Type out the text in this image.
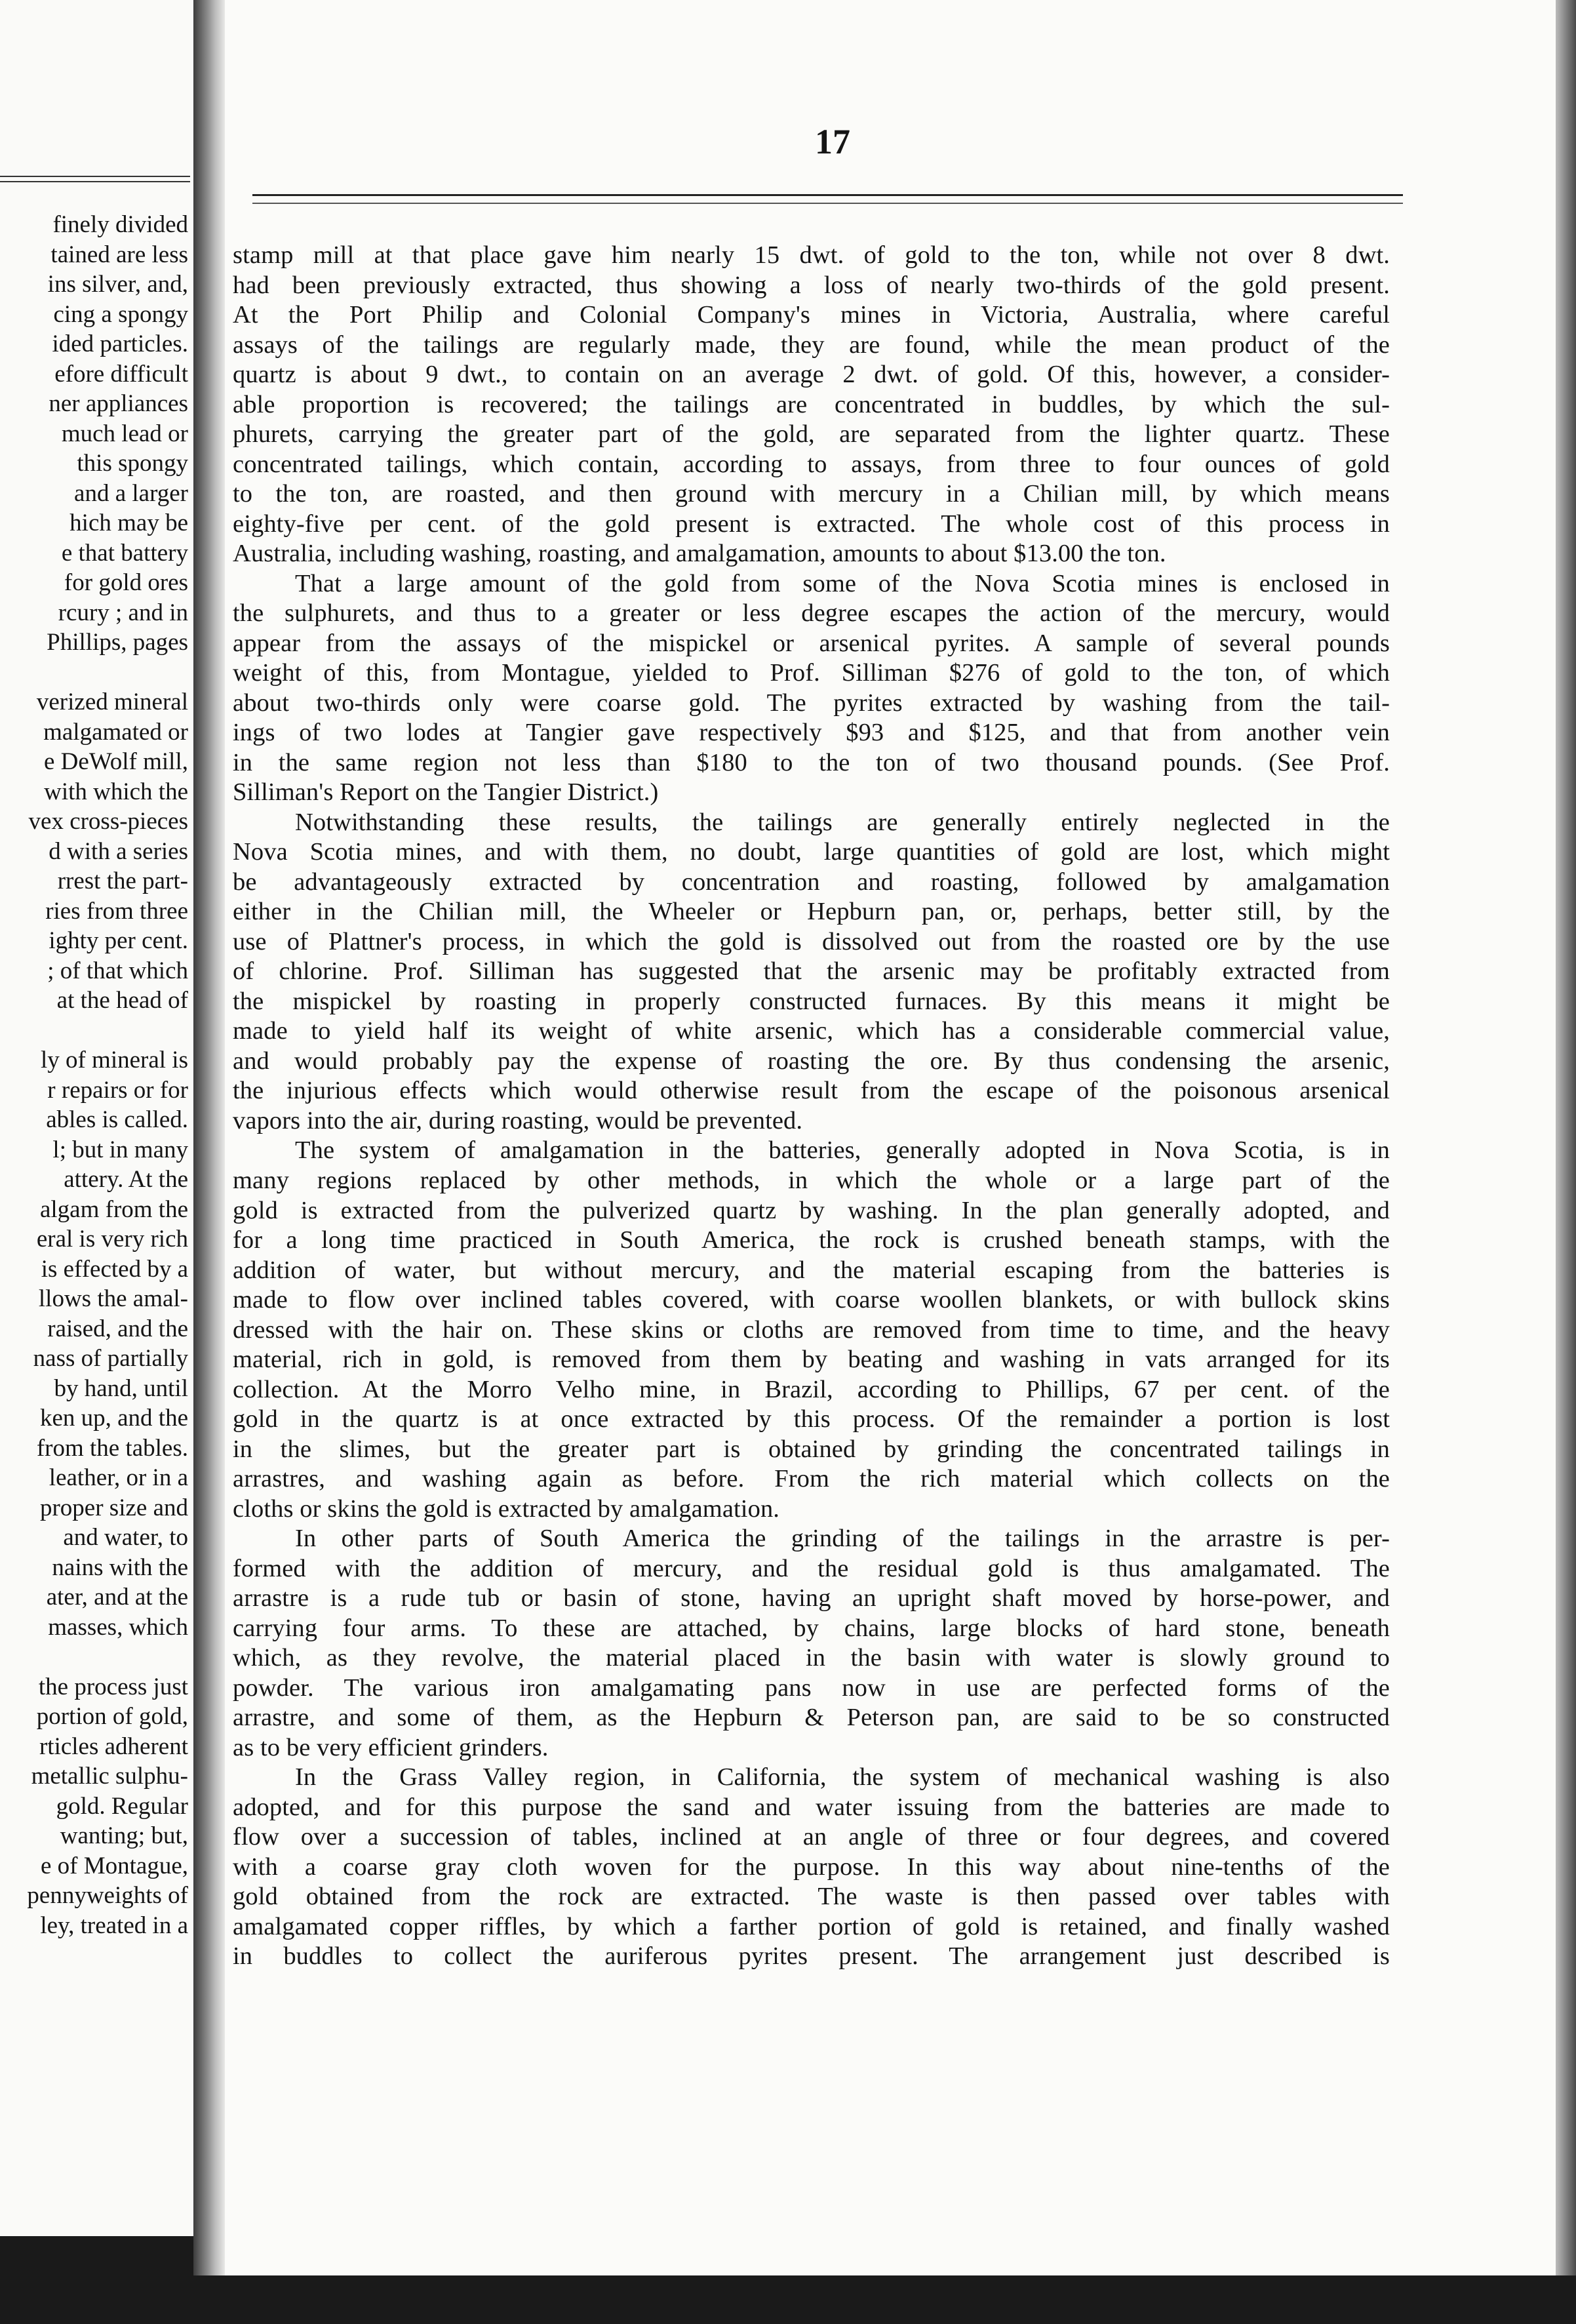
finely divided
tained are less
ins silver, and,
cing a spongy
ided particles.
efore difficult
ner appliances
much lead or
this spongy
and a larger
hich may be
e that battery
for gold ores
rcury ; and in
Phillips, pages
verized mineral
malgamated or
e DeWolf mill,
with which the
vex cross-pieces
d with a series
rrest the part-
ries from three
ighty per cent.
; of that which
at the head of
ly of mineral is
r repairs or for
ables is called.
l; but in many
attery. At the
algam from the
eral is very rich
is effected by a
llows the amal-
raised, and the
nass of partially
by hand, until
ken up, and the
from the tables.
leather, or in a
proper size and
and water, to
nains with the
ater, and at the
masses, which
the process just
portion of gold,
rticles adherent
metallic sulphu-
gold. Regular
wanting; but,
e of Montague,
pennyweights of
ley, treated in a
17
stamp mill at that place gave him nearly 15 dwt. of gold to the ton, while not over 8 dwt.
had been previously extracted, thus showing a loss of nearly two-thirds of the gold present.
At the Port Philip and Colonial Company's mines in Victoria, Australia, where careful
assays of the tailings are regularly made, they are found, while the mean product of the
quartz is about 9 dwt., to contain on an average 2 dwt. of gold. Of this, however, a consider-
able proportion is recovered; the tailings are concentrated in buddles, by which the sul-
phurets, carrying the greater part of the gold, are separated from the lighter quartz. These
concentrated tailings, which contain, according to assays, from three to four ounces of gold
to the ton, are roasted, and then ground with mercury in a Chilian mill, by which means
eighty-five per cent. of the gold present is extracted. The whole cost of this process in
Australia, including washing, roasting, and amalgamation, amounts to about $13.00 the ton.
That a large amount of the gold from some of the Nova Scotia mines is enclosed in
the sulphurets, and thus to a greater or less degree escapes the action of the mercury, would
appear from the assays of the mispickel or arsenical pyrites. A sample of several pounds
weight of this, from Montague, yielded to Prof. Silliman $276 of gold to the ton, of which
about two-thirds only were coarse gold. The pyrites extracted by washing from the tail-
ings of two lodes at Tangier gave respectively $93 and $125, and that from another vein
in the same region not less than $180 to the ton of two thousand pounds. (See Prof.
Silliman's Report on the Tangier District.)
Notwithstanding these results, the tailings are generally entirely neglected in the
Nova Scotia mines, and with them, no doubt, large quantities of gold are lost, which might
be advantageously extracted by concentration and roasting, followed by amalgamation
either in the Chilian mill, the Wheeler or Hepburn pan, or, perhaps, better still, by the
use of Plattner's process, in which the gold is dissolved out from the roasted ore by the use
of chlorine. Prof. Silliman has suggested that the arsenic may be profitably extracted from
the mispickel by roasting in properly constructed furnaces. By this means it might be
made to yield half its weight of white arsenic, which has a considerable commercial value,
and would probably pay the expense of roasting the ore. By thus condensing the arsenic,
the injurious effects which would otherwise result from the escape of the poisonous arsenical
vapors into the air, during roasting, would be prevented.
The system of amalgamation in the batteries, generally adopted in Nova Scotia, is in
many regions replaced by other methods, in which the whole or a large part of the
gold is extracted from the pulverized quartz by washing. In the plan generally adopted, and
for a long time practiced in South America, the rock is crushed beneath stamps, with the
addition of water, but without mercury, and the material escaping from the batteries is
made to flow over inclined tables covered, with coarse woollen blankets, or with bullock skins
dressed with the hair on. These skins or cloths are removed from time to time, and the heavy
material, rich in gold, is removed from them by beating and washing in vats arranged for its
collection. At the Morro Velho mine, in Brazil, according to Phillips, 67 per cent. of the
gold in the quartz is at once extracted by this process. Of the remainder a portion is lost
in the slimes, but the greater part is obtained by grinding the concentrated tailings in
arrastres, and washing again as before. From the rich material which collects on the
cloths or skins the gold is extracted by amalgamation.
In other parts of South America the grinding of the tailings in the arrastre is per-
formed with the addition of mercury, and the residual gold is thus amalgamated. The
arrastre is a rude tub or basin of stone, having an upright shaft moved by horse-power, and
carrying four arms. To these are attached, by chains, large blocks of hard stone, beneath
which, as they revolve, the material placed in the basin with water is slowly ground to
powder. The various iron amalgamating pans now in use are perfected forms of the
arrastre, and some of them, as the Hepburn & Peterson pan, are said to be so constructed
as to be very efficient grinders.
In the Grass Valley region, in California, the system of mechanical washing is also
adopted, and for this purpose the sand and water issuing from the batteries are made to
flow over a succession of tables, inclined at an angle of three or four degrees, and covered
with a coarse gray cloth woven for the purpose. In this way about nine-tenths of the
gold obtained from the rock are extracted. The waste is then passed over tables with
amalgamated copper riffles, by which a farther portion of gold is retained, and finally washed
in buddles to collect the auriferous pyrites present. The arrangement just described is
